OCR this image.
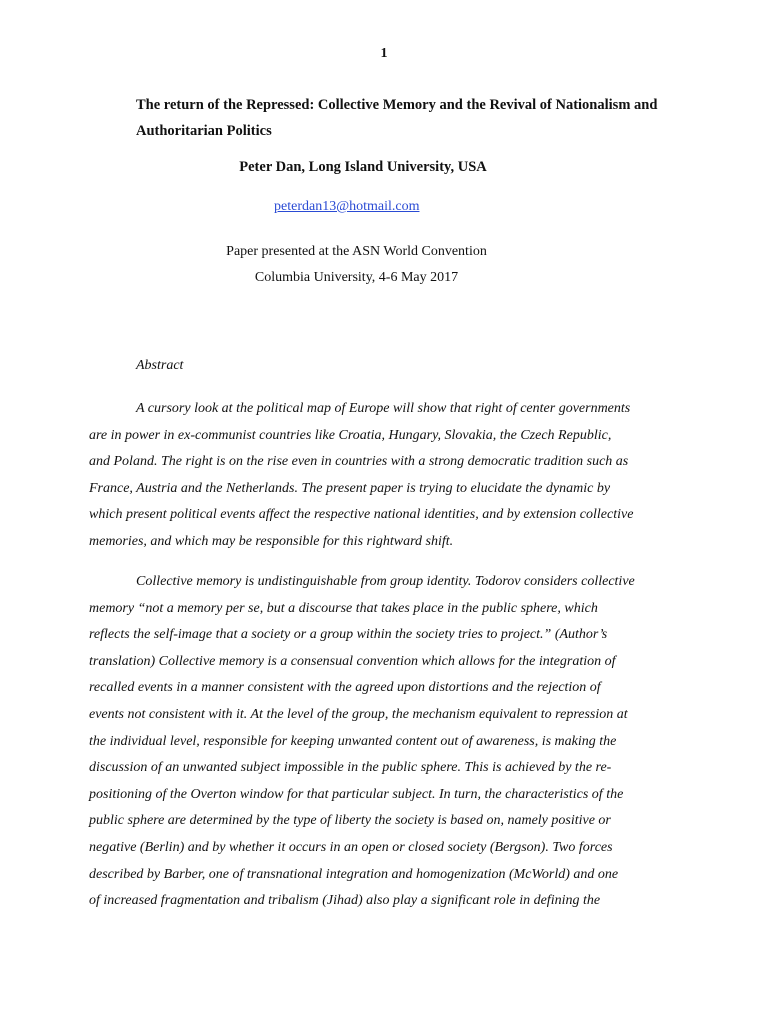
1
The return of the Repressed: Collective Memory and the Revival of Nationalism and
Authoritarian Politics
Peter Dan, Long Island University, USA
peterdan13@hotmail.com
Paper presented at the ASN World Convention
Columbia University, 4-6 May 2017
Abstract
A cursory look at the political map of Europe will show that right of center governments
are in power in ex-communist countries like Croatia, Hungary, Slovakia, the Czech Republic,
and Poland. The right is on the rise even in countries with a strong democratic tradition such as
France, Austria and the Netherlands. The present paper is trying to elucidate the dynamic by
which present political events affect the respective national identities, and by extension collective
memories, and which may be responsible for this rightward shift.
Collective memory is undistinguishable from group identity. Todorov considers collective
memory “not a memory per se, but a discourse that takes place in the public sphere, which
reflects the self-image that a society or a group within the society tries to project.” (Author’s
translation) Collective memory is a consensual convention which allows for the integration of
recalled events in a manner consistent with the agreed upon distortions and the rejection of
events not consistent with it. At the level of the group, the mechanism equivalent to repression at
the individual level, responsible for keeping unwanted content out of awareness, is making the
discussion of an unwanted subject impossible in the public sphere. This is achieved by the re-
positioning of the Overton window for that particular subject. In turn, the characteristics of the
public sphere are determined by the type of liberty the society is based on, namely positive or
negative (Berlin) and by whether it occurs in an open or closed society (Bergson). Two forces
described by Barber, one of transnational integration and homogenization (McWorld) and one
of increased fragmentation and tribalism (Jihad) also play a significant role in defining the
